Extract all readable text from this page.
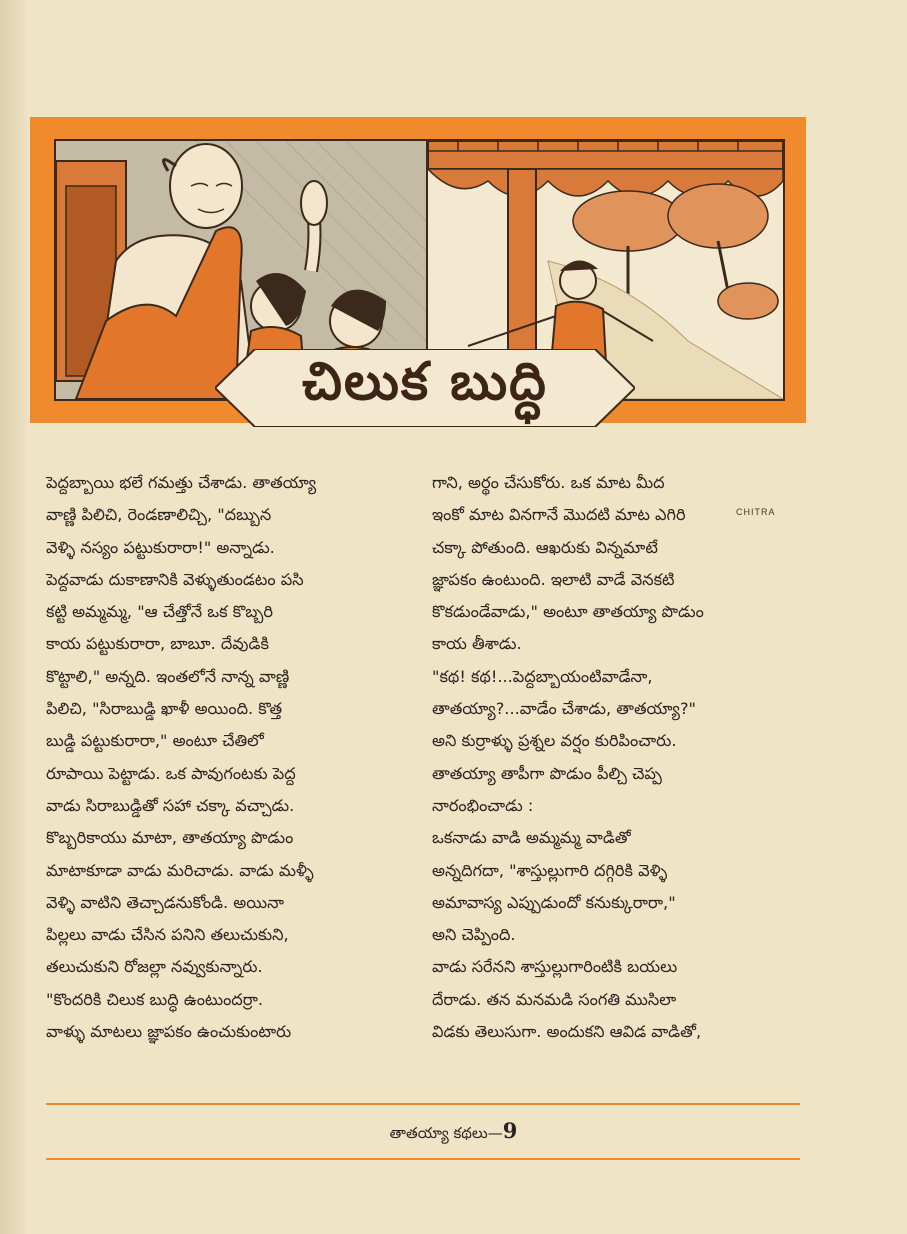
చిలుక బుద్ధి
CHITRA
పెద్దబ్బాయి భలే గమత్తు చేశాడు. తాతయ్యా
వాణ్ణి పిలిచి, రెండణాలిచ్చి, "దబ్బున
వెళ్ళి నస్యం పట్టుకురారా!" అన్నాడు.
పెద్దవాడు దుకాణానికి వెళ్ళుతుండటం పసి
కట్టి అమ్మమ్మ, "ఆ చేత్తోనే ఒక కొబ్బరి
కాయ పట్టుకురారా, బాబూ. దేవుడికి
కొట్టాలి," అన్నది. ఇంతలోనే నాన్న వాణ్ణి
పిలిచి, "సిరాబుడ్డి ఖాళీ అయింది. కొత్త
బుడ్డి పట్టుకురారా," అంటూ చేతిలో
రూపాయి పెట్టాడు. ఒక పావుగంటకు పెద్ద
వాడు సిరాబుడ్డితో సహా చక్కా వచ్చాడు.
కొబ్బరికాయు మాటా, తాతయ్యా పొడుం
మాటాకూడా వాడు మరిచాడు. వాడు మళ్ళీ
వెళ్ళి వాటిని తెచ్చాడనుకోండి. అయినా
పిల్లలు వాడు చేసిన పనిని తలుచుకుని,
తలుచుకుని రోజల్లా నవ్వుకున్నారు.
"కొందరికి చిలుక బుద్ధి ఉంటుందర్రా.
వాళ్ళు మాటలు జ్ఞాపకం ఉంచుకుంటారు
గాని, అర్థం చేసుకోరు. ఒక మాట మీద
ఇంకో మాట వినగానే మొదటి మాట ఎగిరి
చక్కా పోతుంది. ఆఖరుకు విన్నమాటే
జ్ఞాపకం ఉంటుంది. ఇలాటి వాడే వెనకటి
కొకడుండేవాడు," అంటూ తాతయ్యా పొడుం
కాయ తీశాడు.
"కథ! కథ!...పెద్దబ్బాయంటివాడేనా,
తాతయ్యా?...వాడేం చేశాడు, తాతయ్యా?"
అని కుర్రాళ్ళు ప్రశ్నల వర్షం కురిపించారు.
తాతయ్యా తాపీగా పొడుం పీల్చి చెప్ప
నారంభించాడు :
ఒకనాడు వాడి అమ్మమ్మ వాడితో
అన్నదిగదా, "శాస్తుల్లుగారి దగ్గిరికి వెళ్ళి
అమావాస్య ఎప్పుడుందో కనుక్కురారా,"
అని చెప్పింది.
వాడు సరేనని శాస్తుల్లుగారింటికి బయలు
దేరాడు. తన మనమడి సంగతి ముసిలా
విడకు తెలుసుగా. అందుకని ఆవిడ వాడితో,
తాతయ్యా కథలు—9
